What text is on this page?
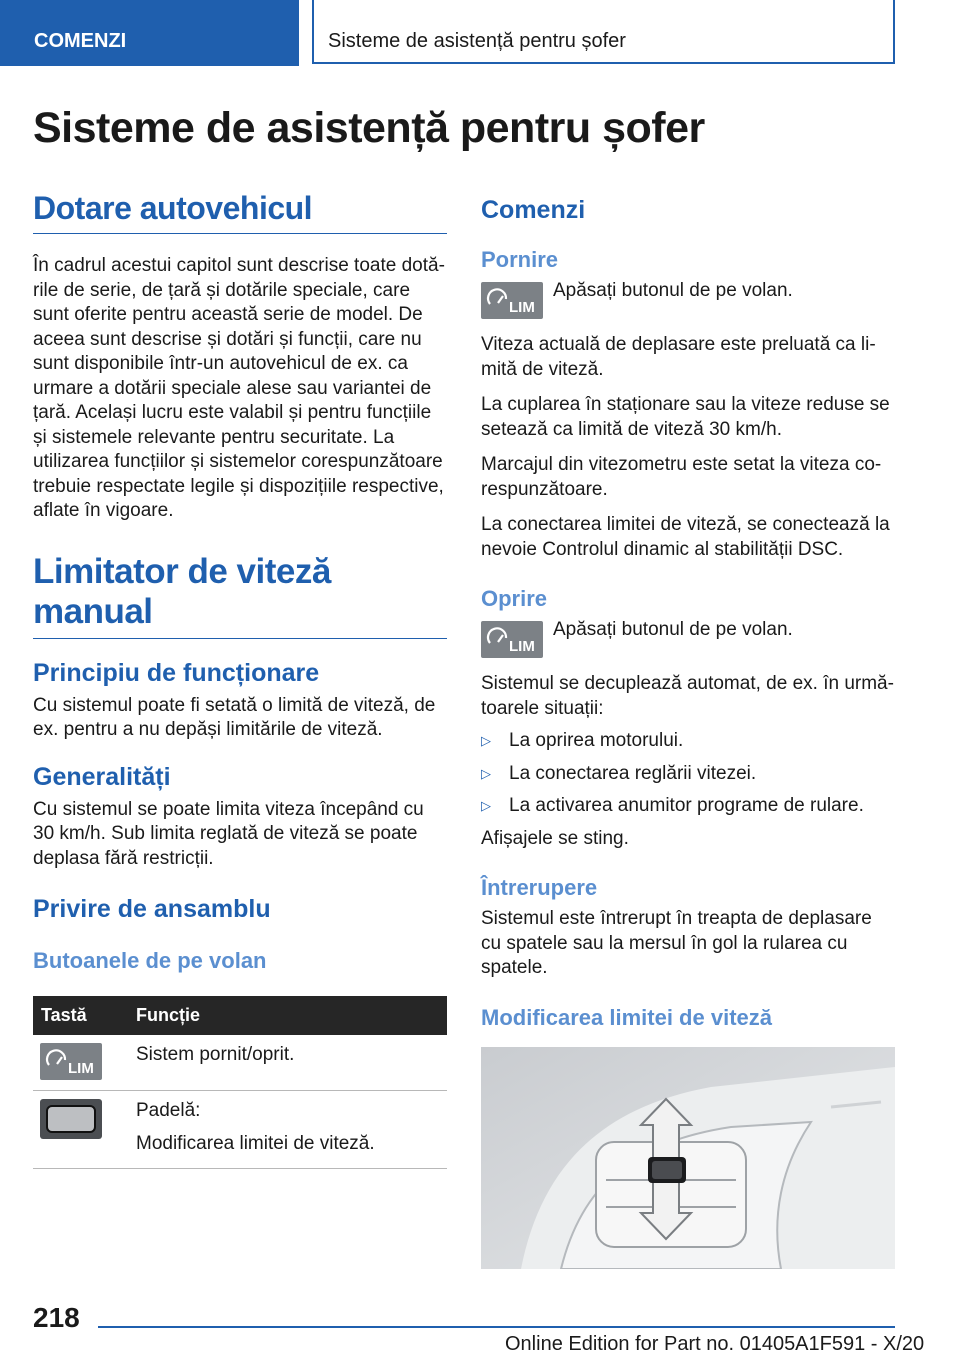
COMENZI	Sisteme de asistență pentru șofer
Sisteme de asistență pentru șofer
Dotare autovehicul

În cadrul acestui capitol sunt descrise toate dotările de serie, de țară și dotările speciale, care sunt oferite pentru această serie de model. De aceea sunt descrise și dotări și funcții, care nu sunt disponibile într-un autovehicul de ex. ca urmare a dotării speciale alese sau variantei de țară. Același lucru este valabil și pentru funcțiile și sistemele relevante pentru securitate. La utilizarea funcțiilor și sistemelor corespunzătoare trebuie respectate legile și dispozițiile respective, aflate în vigoare.

Limitator de viteză manual
Principiu de funcționare

Cu sistemul poate fi setată o limită de viteză, de ex. pentru a nu depăși limitările de viteză.

Generalități

Cu sistemul se poate limita viteza începând cu 30 km/h. Sub limita reglată de viteză se poate deplasa fără restricții.

Privire de ansamblu
Butoanele de pe volan
Tastă	Funcție

LIM	Sistem pornit/oprit.

	Padelă:
Modificarea limitei de viteză.
Comenzi
Pornire
LIM

Apăsați butonul de pe volan.

Viteza actuală de deplasare este preluată ca limită de viteză.

La cuplarea în staționare sau la viteze reduse se setează ca limită de viteză 30 km/h.

Marcajul din vitezometru este setat la viteza corespunzătoare.

La conectarea limitei de viteză, se conectează la nevoie Controlul dinamic al stabilității DSC.

Oprire
LIM

Apăsați butonul de pe volan.

Sistemul se decuplează automat, de ex. în următoarele situații:

▷ La oprirea motorului.
▷ La conectarea reglării vitezei.
▷ La activarea anumitor programe de rulare.

Afișajele se sting.

Întrerupere

Sistemul este întrerupt în treapta de deplasare cu spatele sau la mersul în gol la rularea cu spatele.

Modificarea limitei de viteză
218
Online Edition for Part no. 01405A1F591 - X/20
